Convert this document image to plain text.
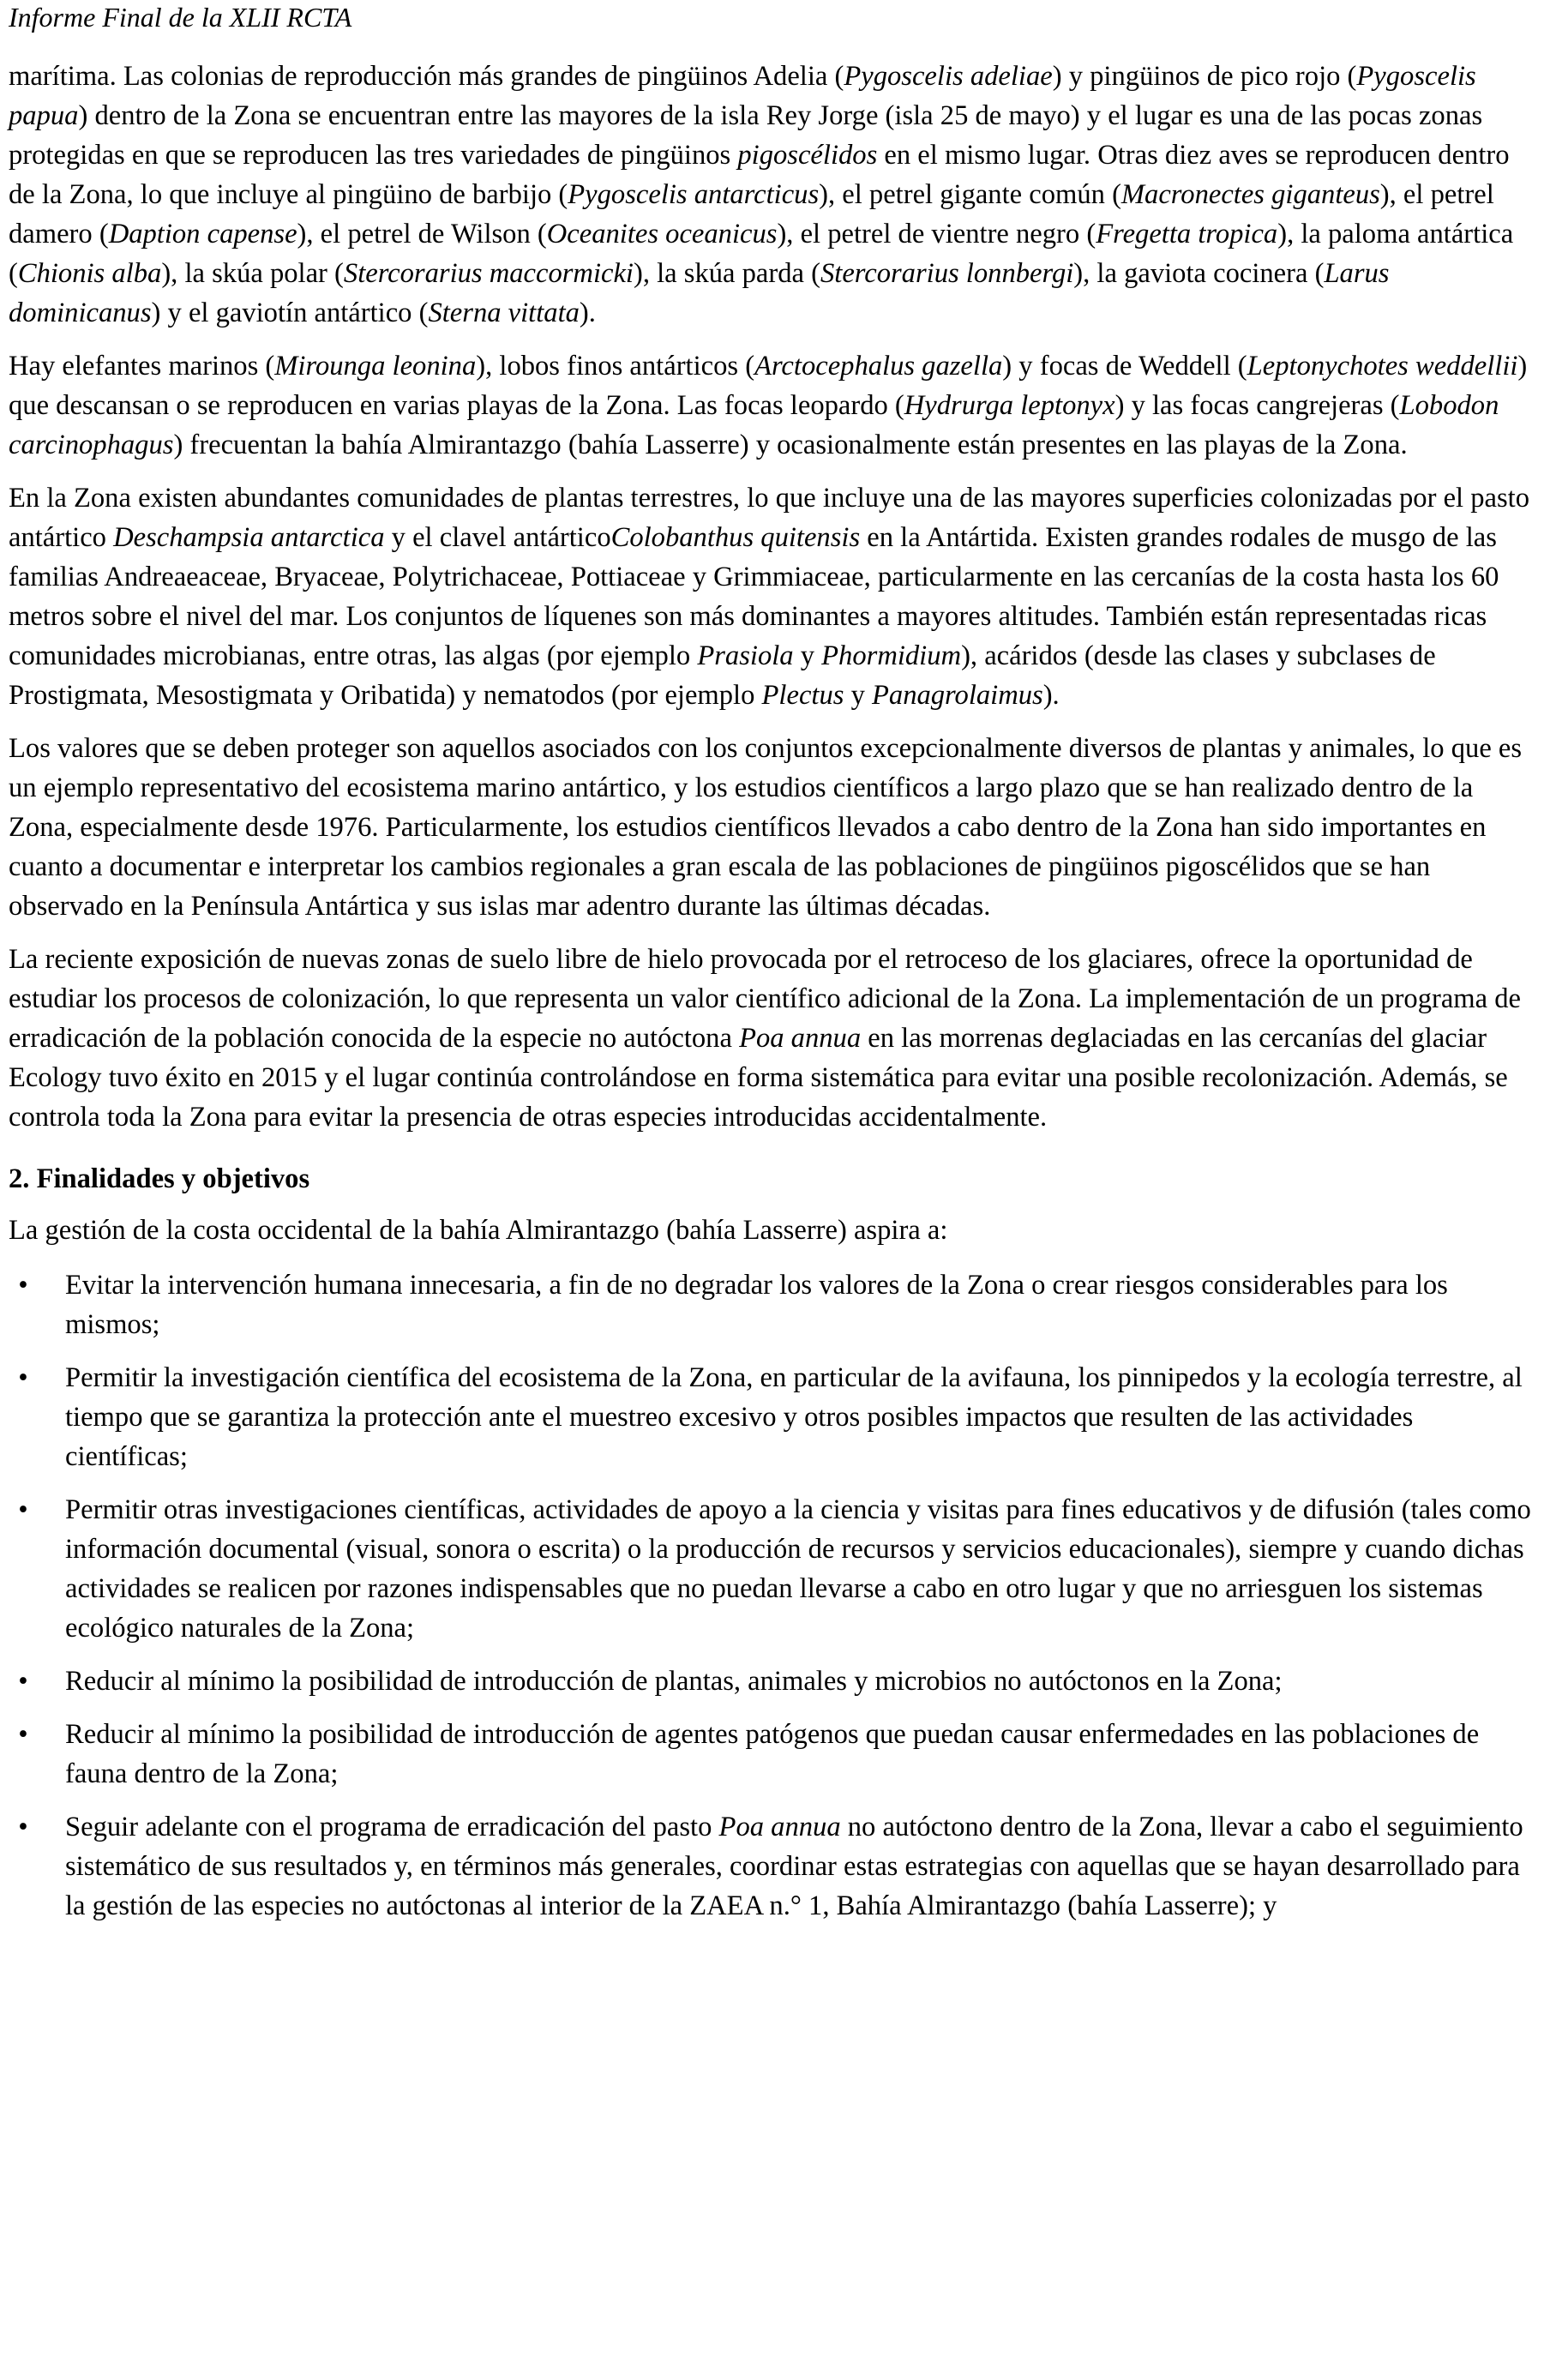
Informe Final de la XLII RCTA

marítima. Las colonias de reproducción más grandes de pingüinos Adelia (Pygoscelis adeliae) y pingüinos de pico rojo (Pygoscelis papua) dentro de la Zona se encuentran entre las mayores de la isla Rey Jorge (isla 25 de mayo) y el lugar es una de las pocas zonas protegidas en que se reproducen las tres variedades de pingüinos pigoscélidos en el mismo lugar. Otras diez aves se reproducen dentro de la Zona, lo que incluye al pingüino de barbijo (Pygoscelis antarcticus), el petrel gigante común (Macronectes giganteus), el petrel damero (Daption capense), el petrel de Wilson (Oceanites oceanicus), el petrel de vientre negro (Fregetta tropica), la paloma antártica (Chionis alba), la skúa polar (Stercorarius maccormicki), la skúa parda (Stercorarius lonnbergi), la gaviota cocinera (Larus dominicanus) y el gaviotín antártico (Sterna vittata).

Hay elefantes marinos (Mirounga leonina), lobos finos antárticos (Arctocephalus gazella) y focas de Weddell (Leptonychotes weddellii) que descansan o se reproducen en varias playas de la Zona. Las focas leopardo (Hydrurga leptonyx) y las focas cangrejeras (Lobodon carcinophagus) frecuentan la bahía Almirantazgo (bahía Lasserre) y ocasionalmente están presentes en las playas de la Zona.

En la Zona existen abundantes comunidades de plantas terrestres, lo que incluye una de las mayores superficies colonizadas por el pasto antártico Deschampsia antarctica y el clavel antárticoColobanthus quitensis en la Antártida. Existen grandes rodales de musgo de las familias Andreaeaceae, Bryaceae, Polytrichaceae, Pottiaceae y Grimmiaceae, particularmente en las cercanías de la costa hasta los 60 metros sobre el nivel del mar. Los conjuntos de líquenes son más dominantes a mayores altitudes. También están representadas ricas comunidades microbianas, entre otras, las algas (por ejemplo Prasiola y Phormidium), acáridos (desde las clases y subclases de Prostigmata, Mesostigmata y Oribatida) y nematodos (por ejemplo Plectus y Panagrolaimus).

Los valores que se deben proteger son aquellos asociados con los conjuntos excepcionalmente diversos de plantas y animales, lo que es un ejemplo representativo del ecosistema marino antártico, y los estudios científicos a largo plazo que se han realizado dentro de la Zona, especialmente desde 1976. Particularmente, los estudios científicos llevados a cabo dentro de la Zona han sido importantes en cuanto a documentar e interpretar los cambios regionales a gran escala de las poblaciones de pingüinos pigoscélidos que se han observado en la Península Antártica y sus islas mar adentro durante las últimas décadas.

La reciente exposición de nuevas zonas de suelo libre de hielo provocada por el retroceso de los glaciares, ofrece la oportunidad de estudiar los procesos de colonización, lo que representa un valor científico adicional de la Zona. La implementación de un programa de erradicación de la población conocida de la especie no autóctona Poa annua en las morrenas deglaciadas en las cercanías del glaciar Ecology tuvo éxito en 2015 y el lugar continúa controlándose en forma sistemática para evitar una posible recolonización. Además, se controla toda la Zona para evitar la presencia de otras especies introducidas accidentalmente.

2. Finalidades y objetivos

La gestión de la costa occidental de la bahía Almirantazgo (bahía Lasserre) aspira a:

• Evitar la intervención humana innecesaria, a fin de no degradar los valores de la Zona o crear riesgos considerables para los mismos;
• Permitir la investigación científica del ecosistema de la Zona, en particular de la avifauna, los pinnipedos y la ecología terrestre, al tiempo que se garantiza la protección ante el muestreo excesivo y otros posibles impactos que resulten de las actividades científicas;
• Permitir otras investigaciones científicas, actividades de apoyo a la ciencia y visitas para fines educativos y de difusión (tales como información documental (visual, sonora o escrita) o la producción de recursos y servicios educacionales), siempre y cuando dichas actividades se realicen por razones indispensables que no puedan llevarse a cabo en otro lugar y que no arriesguen los sistemas ecológico naturales de la Zona;
• Reducir al mínimo la posibilidad de introducción de plantas, animales y microbios no autóctonos en la Zona;
• Reducir al mínimo la posibilidad de introducción de agentes patógenos que puedan causar enfermedades en las poblaciones de fauna dentro de la Zona;
• Seguir adelante con el programa de erradicación del pasto Poa annua no autóctono dentro de la Zona, llevar a cabo el seguimiento sistemático de sus resultados y, en términos más generales, coordinar estas estrategias con aquellas que se hayan desarrollado para la gestión de las especies no autóctonas al interior de la ZAEA n.° 1, Bahía Almirantazgo (bahía Lasserre); y
